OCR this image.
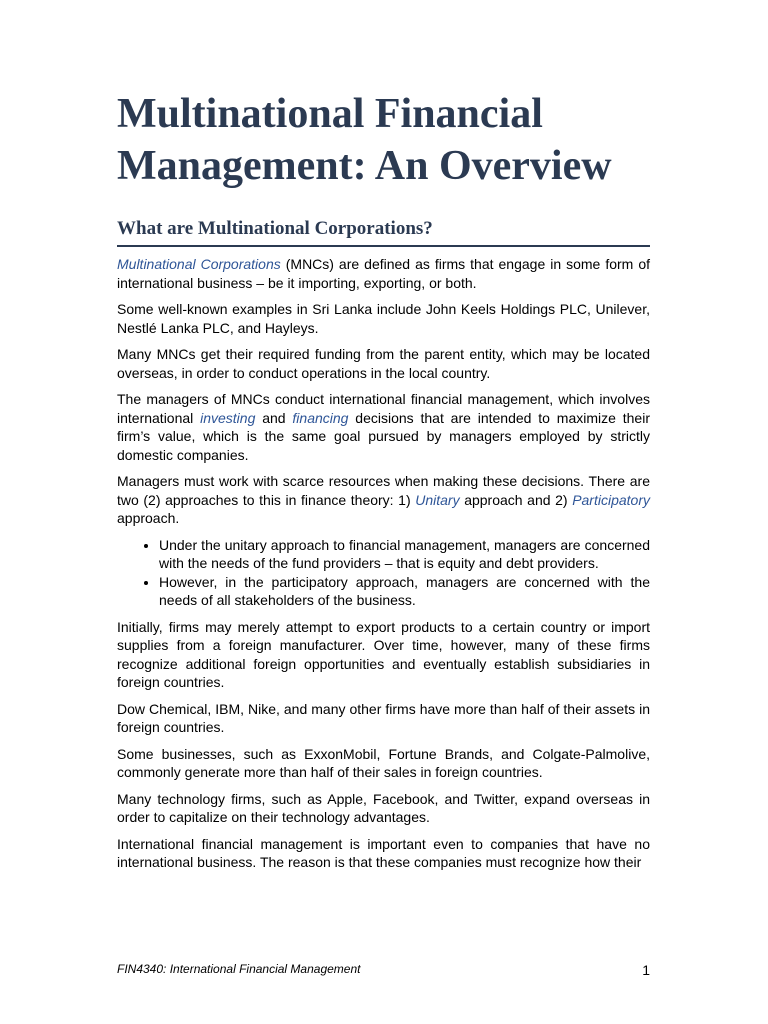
Multinational Financial Management: An Overview
What are Multinational Corporations?

Multinational Corporations (MNCs) are defined as firms that engage in some form of international business – be it importing, exporting, or both.

Some well-known examples in Sri Lanka include John Keels Holdings PLC, Unilever, Nestlé Lanka PLC, and Hayleys.

Many MNCs get their required funding from the parent entity, which may be located overseas, in order to conduct operations in the local country.

The managers of MNCs conduct international financial management, which involves international investing and financing decisions that are intended to maximize their firm’s value, which is the same goal pursued by managers employed by strictly domestic companies.

Managers must work with scarce resources when making these decisions. There are two (2) approaches to this in finance theory: 1) Unitary approach and 2) Participatory approach.

• Under the unitary approach to financial management, managers are concerned with the needs of the fund providers – that is equity and debt providers.
• However, in the participatory approach, managers are concerned with the needs of all stakeholders of the business.

Initially, firms may merely attempt to export products to a certain country or import supplies from a foreign manufacturer. Over time, however, many of these firms recognize additional foreign opportunities and eventually establish subsidiaries in foreign countries.

Dow Chemical, IBM, Nike, and many other firms have more than half of their assets in foreign countries.

Some businesses, such as ExxonMobil, Fortune Brands, and Colgate-Palmolive, commonly generate more than half of their sales in foreign countries.

Many technology firms, such as Apple, Facebook, and Twitter, expand overseas in order to capitalize on their technology advantages.

International financial management is important even to companies that have no international business. The reason is that these companies must recognize how their

FIN4340: International Financial Management	1
